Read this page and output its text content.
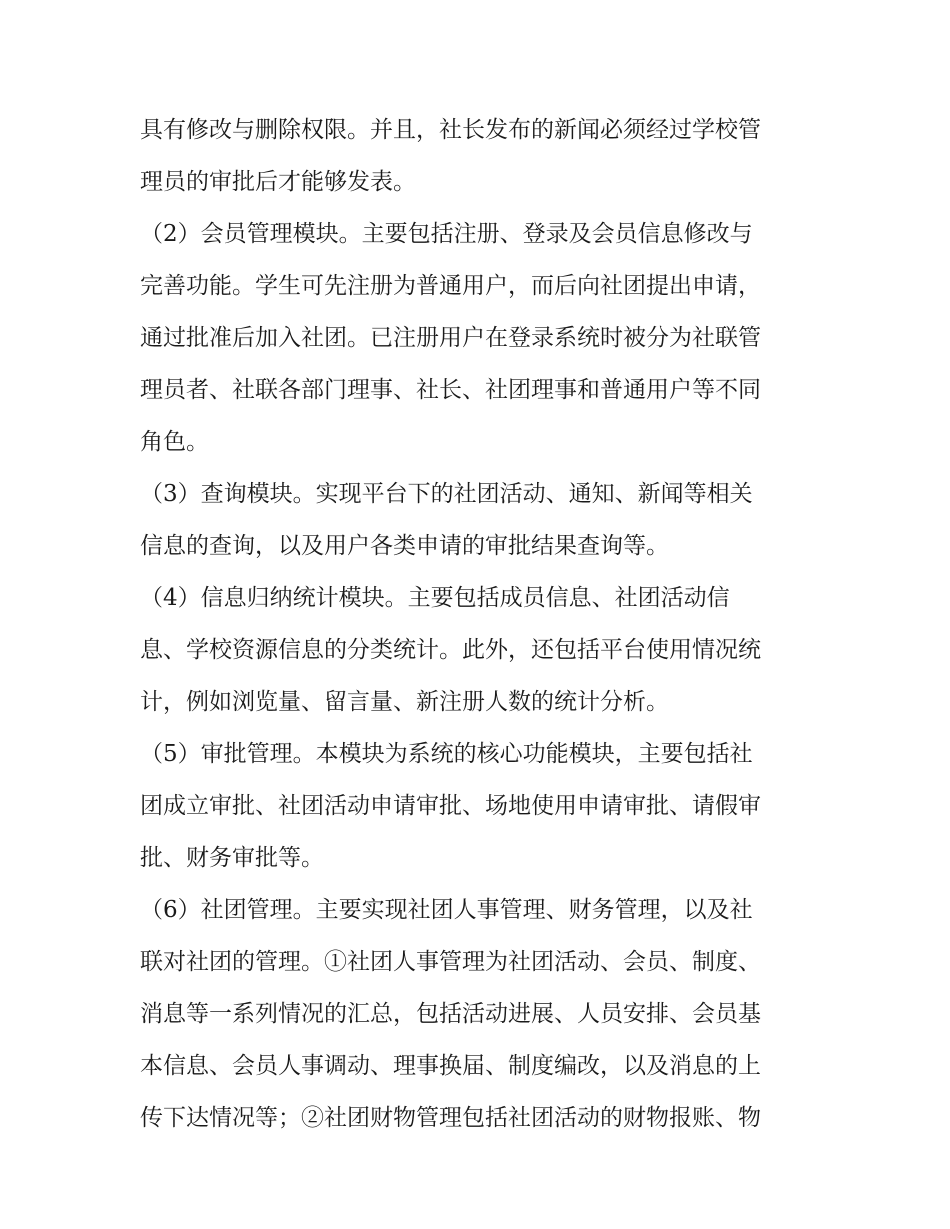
具有修改与删除权限。并且，社长发布的新闻必须经过学校管
理员的审批后才能够发表。
（2）会员管理模块。主要包括注册、登录及会员信息修改与
完善功能。学生可先注册为普通用户，而后向社团提出申请，
通过批准后加入社团。已注册用户在登录系统时被分为社联管
理员者、社联各部门理事、社长、社团理事和普通用户等不同
角色。
（3）查询模块。实现平台下的社团活动、通知、新闻等相关
信息的查询，以及用户各类申请的审批结果查询等。
（4）信息归纳统计模块。主要包括成员信息、社团活动信
息、学校资源信息的分类统计。此外，还包括平台使用情况统
计，例如浏览量、留言量、新注册人数的统计分析。
（5）审批管理。本模块为系统的核心功能模块，主要包括社
团成立审批、社团活动申请审批、场地使用申请审批、请假审
批、财务审批等。
（6）社团管理。主要实现社团人事管理、财务管理，以及社
联对社团的管理。①社团人事管理为社团活动、会员、制度、
消息等一系列情况的汇总，包括活动进展、人员安排、会员基
本信息、会员人事调动、理事换届、制度编改，以及消息的上
传下达情况等；②社团财物管理包括社团活动的财物报账、物
